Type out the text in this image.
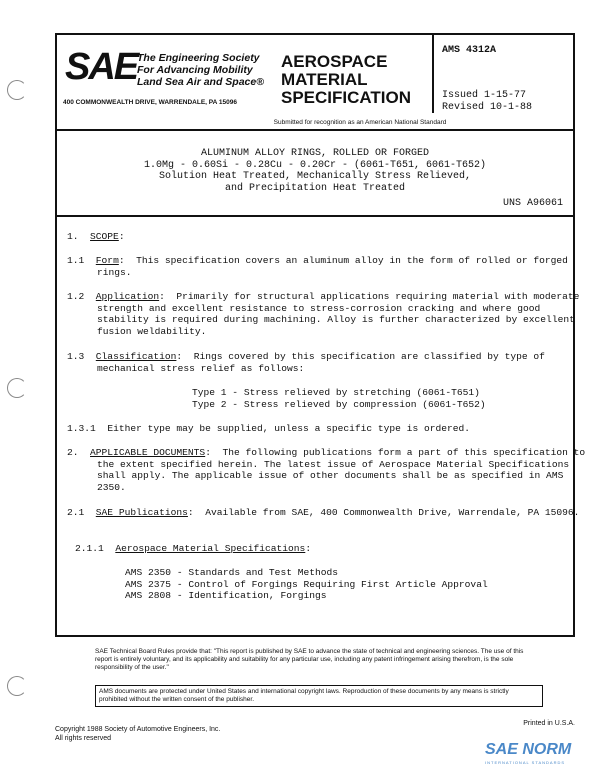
SAE The Engineering Society
For Advancing Mobility
Land Sea Air and Space®
400 COMMONWEALTH DRIVE, WARRENDALE, PA 15096
AEROSPACE
MATERIAL
SPECIFICATION
AMS 4312A
Issued 1-15-77
Revised 10-1-88
Submitted for recognition as an American National Standard
ALUMINUM ALLOY RINGS, ROLLED OR FORGED
1.0Mg - 0.60Si - 0.28Cu - 0.20Cr - (6061-T651, 6061-T652)
Solution Heat Treated, Mechanically Stress Relieved,
and Precipitation Heat Treated
UNS A96061
1. SCOPE:
1.1 Form:  This specification covers an aluminum alloy in the form of rolled or forged rings.
1.2 Application:  Primarily for structural applications requiring material with moderate strength and excellent resistance to stress-corrosion cracking and where good stability is required during machining. Alloy is further characterized by excellent fusion weldability.
1.3 Classification:  Rings covered by this specification are classified by type of mechanical stress relief as follows:
Type 1 - Stress relieved by stretching (6061-T651)
Type 2 - Stress relieved by compression (6061-T652)
1.3.1 Either type may be supplied, unless a specific type is ordered.
2. APPLICABLE DOCUMENTS:  The following publications form a part of this specification to the extent specified herein. The latest issue of Aerospace Material Specifications shall apply. The applicable issue of other documents shall be as specified in AMS 2350.
2.1 SAE Publications:  Available from SAE, 400 Commonwealth Drive, Warrendale, PA 15096.
2.1.1 Aerospace Material Specifications:
AMS 2350 - Standards and Test Methods
AMS 2375 - Control of Forgings Requiring First Article Approval
AMS 2808 - Identification, Forgings
SAE Technical Board Rules provide that: "This report is published by SAE to advance the state of technical and engineering sciences. The use of this report is entirely voluntary, and its applicability and suitability for any particular use, including any patent infringement arising therefrom, is the sole responsibility of the user."
AMS documents are protected under United States and international copyright laws. Reproduction of these documents by any means is strictly prohibited without the written consent of the publisher.
Copyright 1988 Society of Automotive Engineers, Inc.
All rights reserved
Printed in U.S.A.
SAE NORM
INTERNATIONAL STANDARDS
